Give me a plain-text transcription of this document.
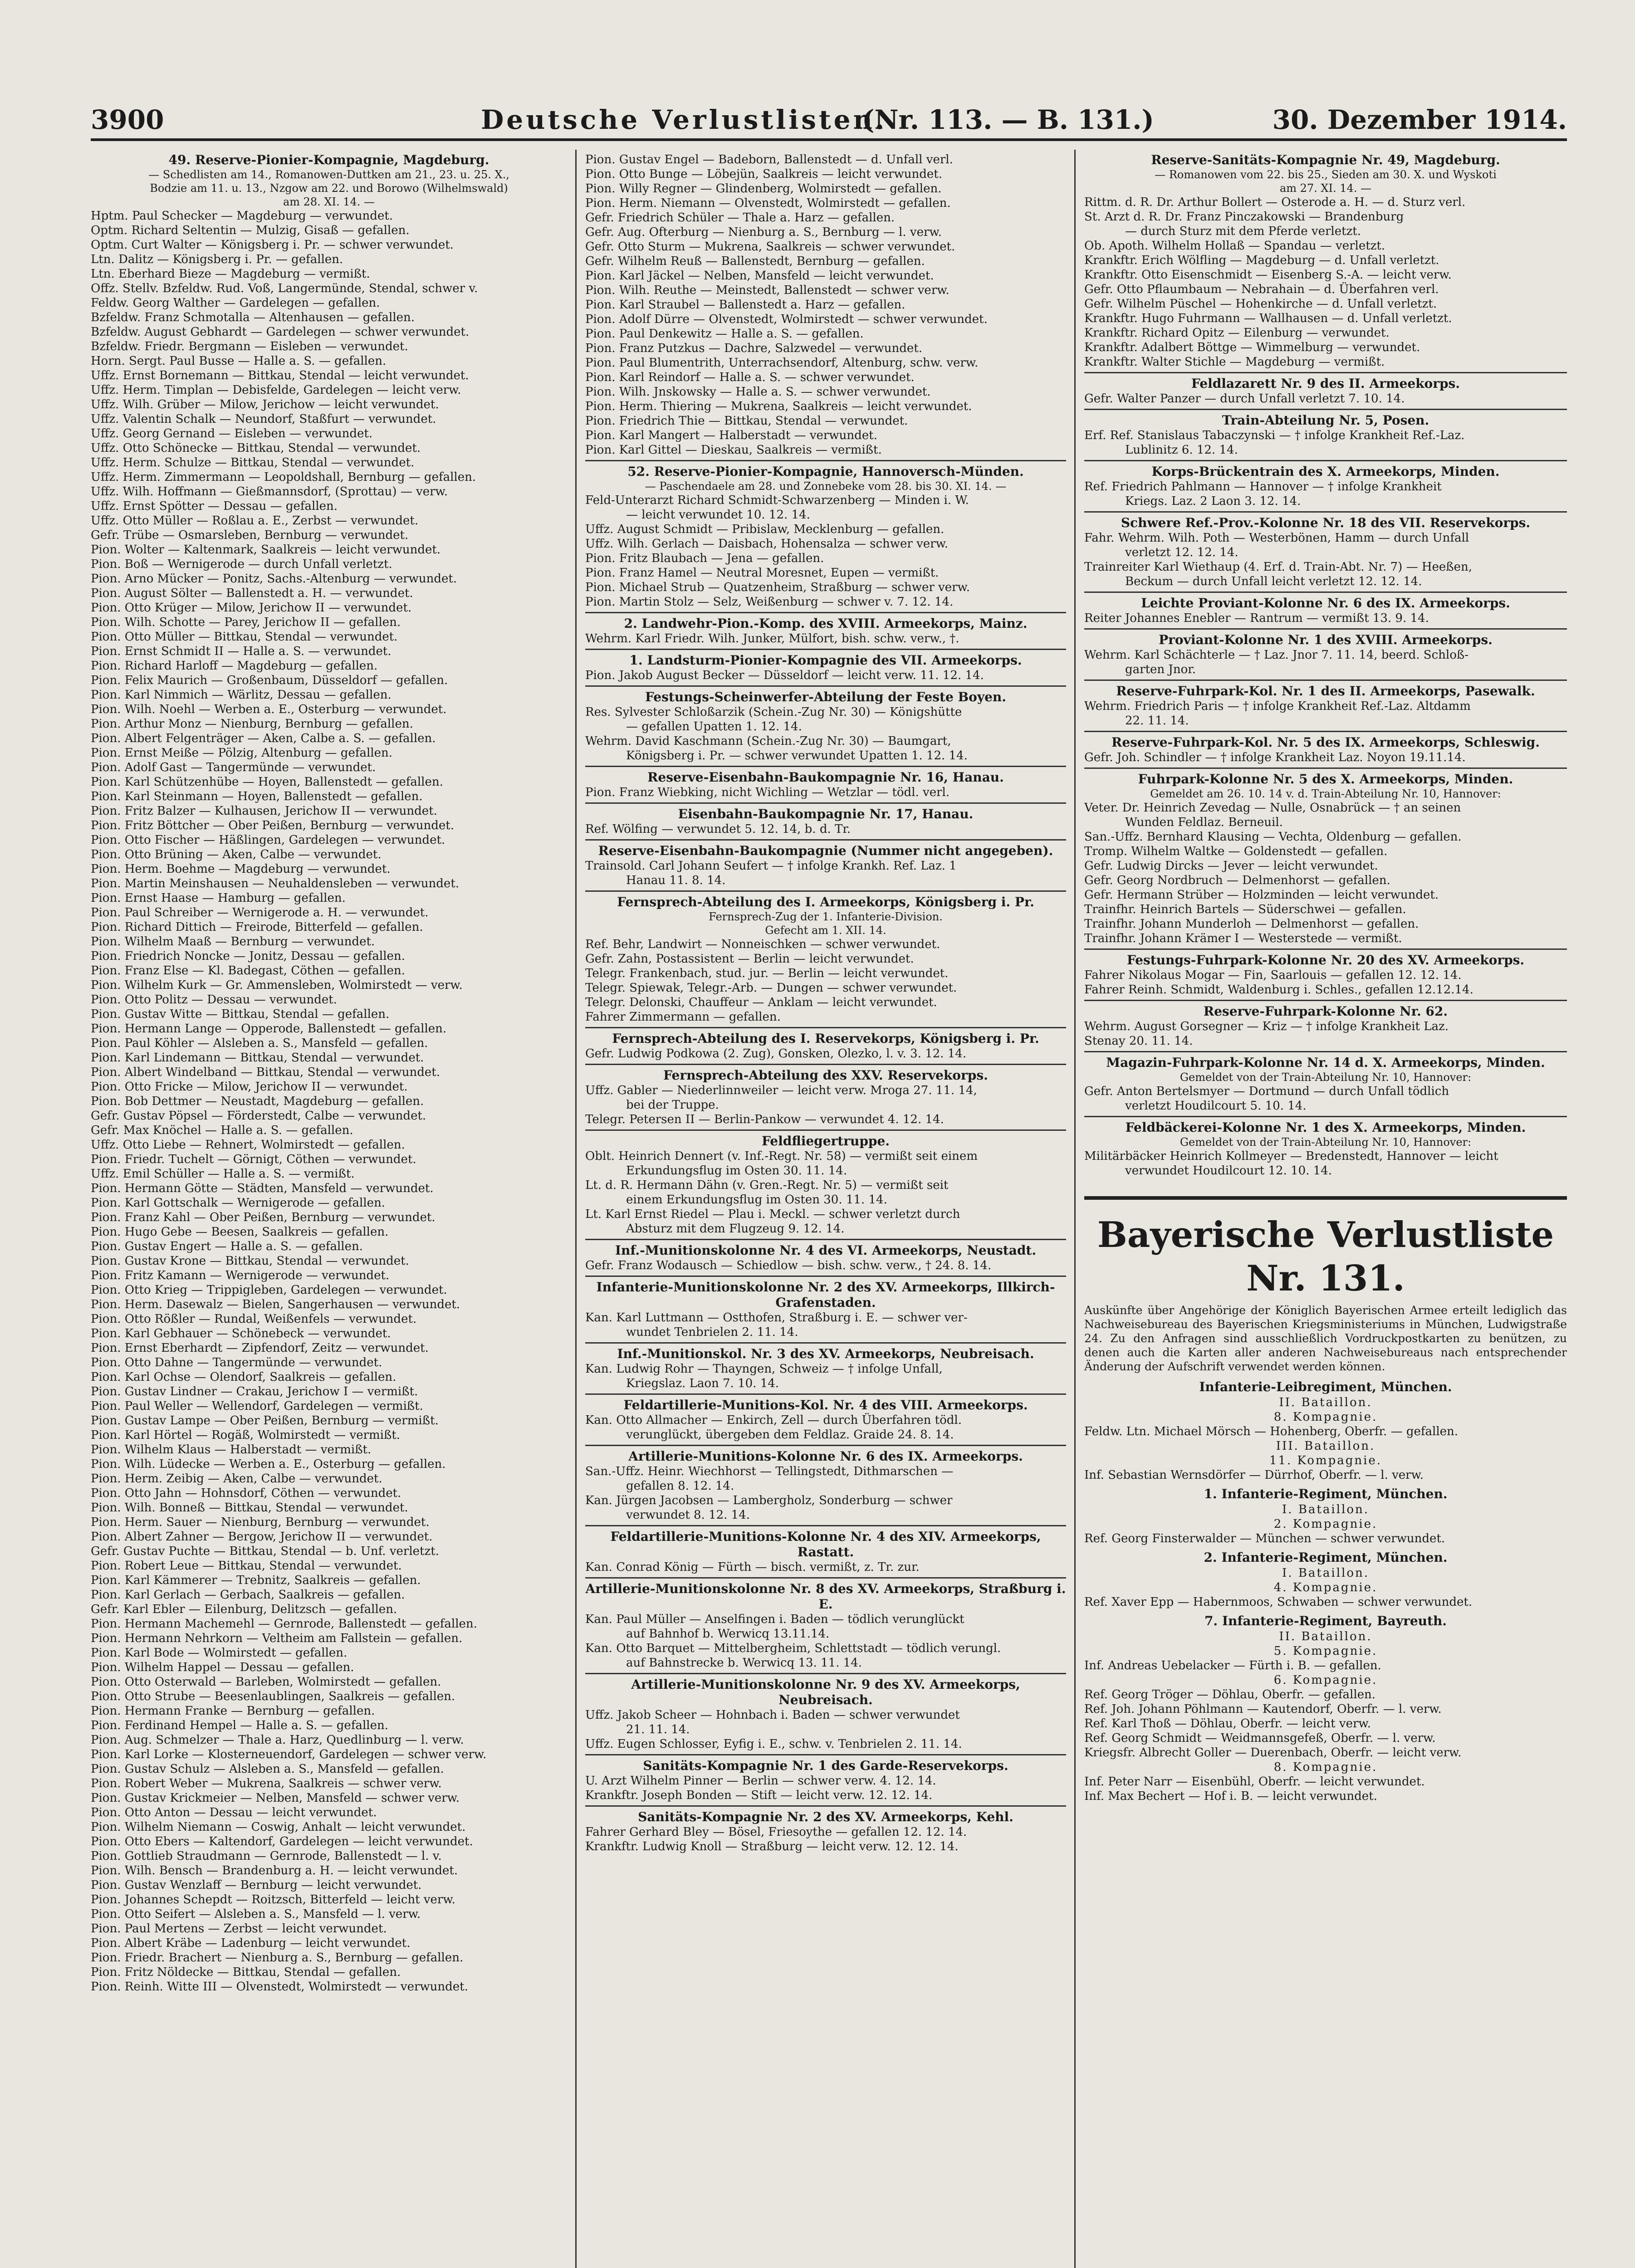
3900	Deutsche Verlustlisten.
(Nr. 113. — B. 131.)	30. Dezember 1914.
49. Reserve-Pionier-Kompagnie, Magdeburg.
— Schedlisten am 14., Romanowen-Duttken am 21., 23. u. 25. X.,
Bodzie am 11. u. 13., Nzgow am 22. und Borowo (Wilhelmswald)
am 28. XI. 14. —
Hptm. Paul Schecker — Magdeburg — verwundet.
Optm. Richard Seltentin — Mulzig, Gisaß — gefallen.
Optm. Curt Walter — Königsberg i. Pr. — schwer verwundet.
Ltn. Dalitz — Königsberg i. Pr. — gefallen.
Ltn. Eberhard Bieze — Magdeburg — vermißt.
Offz. Stellv. Bzfeldw. Rud. Voß, Langermünde, Stendal, schwer v.
Feldw. Georg Walther — Gardelegen — gefallen.
Bzfeldw. Franz Schmotalla — Altenhausen — gefallen.
Bzfeldw. August Gebhardt — Gardelegen — schwer verwundet.
Bzfeldw. Friedr. Bergmann — Eisleben — verwundet.
Horn. Sergt. Paul Busse — Halle a. S. — gefallen.
Uffz. Ernst Bornemann — Bittkau, Stendal — leicht verwundet.
Uffz. Herm. Timplan — Debisfelde, Gardelegen — leicht verw.
Uffz. Wilh. Grüber — Milow, Jerichow — leicht verwundet.
Uffz. Valentin Schalk — Neundorf, Staßfurt — verwundet.
Uffz. Georg Gernand — Eisleben — verwundet.
Uffz. Otto Schönecke — Bittkau, Stendal — verwundet.
Uffz. Herm. Schulze — Bittkau, Stendal — verwundet.
Uffz. Herm. Zimmermann — Leopoldshall, Bernburg — gefallen.
Uffz. Wilh. Hoffmann — Gießmannsdorf, (Sprottau) — verw.
Uffz. Ernst Spötter — Dessau — gefallen.
Uffz. Otto Müller — Roßlau a. E., Zerbst — verwundet.
Gefr. Trübe — Osmarsleben, Bernburg — verwundet.
Pion. Wolter — Kaltenmark, Saalkreis — leicht verwundet.
Pion. Boß — Wernigerode — durch Unfall verletzt.
Pion. Arno Mücker — Ponitz, Sachs.-Altenburg — verwundet.
Pion. August Sölter — Ballenstedt a. H. — verwundet.
Pion. Otto Krüger — Milow, Jerichow II — verwundet.
Pion. Wilh. Schotte — Parey, Jerichow II — gefallen.
Pion. Otto Müller — Bittkau, Stendal — verwundet.
Pion. Ernst Schmidt II — Halle a. S. — verwundet.
Pion. Richard Harloff — Magdeburg — gefallen.
Pion. Felix Maurich — Großenbaum, Düsseldorf — gefallen.
Pion. Karl Nimmich — Wärlitz, Dessau — gefallen.
Pion. Wilh. Noehl — Werben a. E., Osterburg — verwundet.
Pion. Arthur Monz — Nienburg, Bernburg — gefallen.
Pion. Albert Felgenträger — Aken, Calbe a. S. — gefallen.
Pion. Ernst Meiße — Pölzig, Altenburg — gefallen.
Pion. Adolf Gast — Tangermünde — verwundet.
Pion. Karl Schützenhübe — Hoyen, Ballenstedt — gefallen.
Pion. Karl Steinmann — Hoyen, Ballenstedt — gefallen.
Pion. Fritz Balzer — Kulhausen, Jerichow II — verwundet.
Pion. Fritz Böttcher — Ober Peißen, Bernburg — verwundet.
Pion. Otto Fischer — Häßlingen, Gardelegen — verwundet.
Pion. Otto Brüning — Aken, Calbe — verwundet.
Pion. Herm. Boehme — Magdeburg — verwundet.
Pion. Martin Meinshausen — Neuhaldensleben — verwundet.
Pion. Ernst Haase — Hamburg — gefallen.
Pion. Paul Schreiber — Wernigerode a. H. — verwundet.
Pion. Richard Dittich — Freirode, Bitterfeld — gefallen.
Pion. Wilhelm Maaß — Bernburg — verwundet.
Pion. Friedrich Noncke — Jonitz, Dessau — gefallen.
Pion. Franz Else — Kl. Badegast, Cöthen — gefallen.
Pion. Wilhelm Kurk — Gr. Ammensleben, Wolmirstedt — verw.
Pion. Otto Politz — Dessau — verwundet.
Pion. Gustav Witte — Bittkau, Stendal — gefallen.
Pion. Hermann Lange — Opperode, Ballenstedt — gefallen.
Pion. Paul Köhler — Alsleben a. S., Mansfeld — gefallen.
Pion. Karl Lindemann — Bittkau, Stendal — verwundet.
Pion. Albert Windelband — Bittkau, Stendal — verwundet.
Pion. Otto Fricke — Milow, Jerichow II — verwundet.
Pion. Bob Dettmer — Neustadt, Magdeburg — gefallen.
Gefr. Gustav Pöpsel — Förderstedt, Calbe — verwundet.
Gefr. Max Knöchel — Halle a. S. — gefallen.
Uffz. Otto Liebe — Rehnert, Wolmirstedt — gefallen.
Pion. Friedr. Tuchelt — Görnigt, Cöthen — verwundet.
Uffz. Emil Schüller — Halle a. S. — vermißt.
Pion. Hermann Götte — Städten, Mansfeld — verwundet.
Pion. Karl Gottschalk — Wernigerode — gefallen.
Pion. Franz Kahl — Ober Peißen, Bernburg — verwundet.
Pion. Hugo Gebe — Beesen, Saalkreis — gefallen.
Pion. Gustav Engert — Halle a. S. — gefallen.
Pion. Gustav Krone — Bittkau, Stendal — verwundet.
Pion. Fritz Kamann — Wernigerode — verwundet.
Pion. Otto Krieg — Trippigleben, Gardelegen — verwundet.
Pion. Herm. Dasewalz — Bielen, Sangerhausen — verwundet.
Pion. Otto Rößler — Rundal, Weißenfels — verwundet.
Pion. Karl Gebhauer — Schönebeck — verwundet.
Pion. Ernst Eberhardt — Zipfendorf, Zeitz — verwundet.
Pion. Otto Dahne — Tangermünde — verwundet.
Pion. Karl Ochse — Olendorf, Saalkreis — gefallen.
Pion. Gustav Lindner — Crakau, Jerichow I — vermißt.
Pion. Paul Weller — Wellendorf, Gardelegen — vermißt.
Pion. Gustav Lampe — Ober Peißen, Bernburg — vermißt.
Pion. Karl Hörtel — Rogäß, Wolmirstedt — vermißt.
Pion. Wilhelm Klaus — Halberstadt — vermißt.
Pion. Wilh. Lüdecke — Werben a. E., Osterburg — gefallen.
Pion. Herm. Zeibig — Aken, Calbe — verwundet.
Pion. Otto Jahn — Hohnsdorf, Cöthen — verwundet.
Pion. Wilh. Bonneß — Bittkau, Stendal — verwundet.
Pion. Herm. Sauer — Nienburg, Bernburg — verwundet.
Pion. Albert Zahner — Bergow, Jerichow II — verwundet.
Gefr. Gustav Puchte — Bittkau, Stendal — b. Unf. verletzt.
Pion. Robert Leue — Bittkau, Stendal — verwundet.
Pion. Karl Kämmerer — Trebnitz, Saalkreis — gefallen.
Pion. Karl Gerlach — Gerbach, Saalkreis — gefallen.
Gefr. Karl Ebler — Eilenburg, Delitzsch — gefallen.
Pion. Hermann Machemehl — Gernrode, Ballenstedt — gefallen.
Pion. Hermann Nehrkorn — Veltheim am Fallstein — gefallen.
Pion. Karl Bode — Wolmirstedt — gefallen.
Pion. Wilhelm Happel — Dessau — gefallen.
Pion. Otto Osterwald — Barleben, Wolmirstedt — gefallen.
Pion. Otto Strube — Beesenlaublingen, Saalkreis — gefallen.
Pion. Hermann Franke — Bernburg — gefallen.
Pion. Ferdinand Hempel — Halle a. S. — gefallen.
Pion. Aug. Schmelzer — Thale a. Harz, Quedlinburg — l. verw.
Pion. Karl Lorke — Klosterneuendorf, Gardelegen — schwer verw.
Pion. Gustav Schulz — Alsleben a. S., Mansfeld — gefallen.
Pion. Robert Weber — Mukrena, Saalkreis — schwer verw.
Pion. Gustav Krickmeier — Nelben, Mansfeld — schwer verw.
Pion. Otto Anton — Dessau — leicht verwundet.
Pion. Wilhelm Niemann — Coswig, Anhalt — leicht verwundet.
Pion. Otto Ebers — Kaltendorf, Gardelegen — leicht verwundet.
Pion. Gottlieb Straudmann — Gernrode, Ballenstedt — l. v.
Pion. Wilh. Bensch — Brandenburg a. H. — leicht verwundet.
Pion. Gustav Wenzlaff — Bernburg — leicht verwundet.
Pion. Johannes Schepdt — Roitzsch, Bitterfeld — leicht verw.
Pion. Otto Seifert — Alsleben a. S., Mansfeld — l. verw.
Pion. Paul Mertens — Zerbst — leicht verwundet.
Pion. Albert Kräbe — Ladenburg — leicht verwundet.
Pion. Friedr. Brachert — Nienburg a. S., Bernburg — gefallen.
Pion. Fritz Nöldecke — Bittkau, Stendal — gefallen.
Pion. Reinh. Witte III — Olvenstedt, Wolmirstedt — verwundet.
Pion. Gustav Engel — Badeborn, Ballenstedt — d. Unfall verl.
Pion. Otto Bunge — Löbejün, Saalkreis — leicht verwundet.
Pion. Willy Regner — Glindenberg, Wolmirstedt — gefallen.
Pion. Herm. Niemann — Olvenstedt, Wolmirstedt — gefallen.
Gefr. Friedrich Schüler — Thale a. Harz — gefallen.
Gefr. Aug. Ofterburg — Nienburg a. S., Bernburg — l. verw.
Gefr. Otto Sturm — Mukrena, Saalkreis — schwer verwundet.
Gefr. Wilhelm Reuß — Ballenstedt, Bernburg — gefallen.
Pion. Karl Jäckel — Nelben, Mansfeld — leicht verwundet.
Pion. Wilh. Reuthe — Meinstedt, Ballenstedt — schwer verw.
Pion. Karl Straubel — Ballenstedt a. Harz — gefallen.
Pion. Adolf Dürre — Olvenstedt, Wolmirstedt — schwer verwundet.
Pion. Paul Denkewitz — Halle a. S. — gefallen.
Pion. Franz Putzkus — Dachre, Salzwedel — verwundet.
Pion. Paul Blumentrith, Unterrachsendorf, Altenburg, schw. verw.
Pion. Karl Reindorf — Halle a. S. — schwer verwundet.
Pion. Wilh. Jnskowsky — Halle a. S. — schwer verwundet.
Pion. Herm. Thiering — Mukrena, Saalkreis — leicht verwundet.
Pion. Friedrich Thie — Bittkau, Stendal — verwundet.
Pion. Karl Mangert — Halberstadt — verwundet.
Pion. Karl Gittel — Dieskau, Saalkreis — vermißt.
52. Reserve-Pionier-Kompagnie, Hannoversch-Münden.
— Paschendaele am 28. und Zonnebeke vom 28. bis 30. XI. 14. —
Feld-Unterarzt Richard Schmidt-Schwarzenberg — Minden i. W.
— leicht verwundet 10. 12. 14.
Uffz. August Schmidt — Pribislaw, Mecklenburg — gefallen.
Uffz. Wilh. Gerlach — Daisbach, Hohensalza — schwer verw.
Pion. Fritz Blaubach — Jena — gefallen.
Pion. Franz Hamel — Neutral Moresnet, Eupen — vermißt.
Pion. Michael Strub — Quatzenheim, Straßburg — schwer verw.
Pion. Martin Stolz — Selz, Weißenburg — schwer v. 7. 12. 14.
2. Landwehr-Pion.-Komp. des XVIII. Armeekorps, Mainz.
Wehrm. Karl Friedr. Wilh. Junker, Mülfort, bish. schw. verw., †.
1. Landsturm-Pionier-Kompagnie des VII. Armeekorps.
Pion. Jakob August Becker — Düsseldorf — leicht verw. 11. 12. 14.
Festungs-Scheinwerfer-Abteilung der Feste Boyen.
Res. Sylvester Schloßarzik (Schein.-Zug Nr. 30) — Königshütte
— gefallen Upatten 1. 12. 14.
Wehrm. David Kaschmann (Schein.-Zug Nr. 30) — Baumgart,
Königsberg i. Pr. — schwer verwundet Upatten 1. 12. 14.
Reserve-Eisenbahn-Baukompagnie Nr. 16, Hanau.
Pion. Franz Wiebking, nicht Wichling — Wetzlar — tödl. verl.
Eisenbahn-Baukompagnie Nr. 17, Hanau.
Ref. Wölfing — verwundet 5. 12. 14, b. d. Tr.
Reserve-Eisenbahn-Baukompagnie (Nummer nicht angegeben).
Trainsold. Carl Johann Seufert — † infolge Krankh. Ref. Laz. 1
Hanau 11. 8. 14.
Fernsprech-Abteilung des I. Armeekorps, Königsberg i. Pr.
Fernsprech-Zug der 1. Infanterie-Division.
Gefecht am 1. XII. 14.
Ref. Behr, Landwirt — Nonneischken — schwer verwundet.
Gefr. Zahn, Postassistent — Berlin — leicht verwundet.
Telegr. Frankenbach, stud. jur. — Berlin — leicht verwundet.
Telegr. Spiewak, Telegr.-Arb. — Dungen — schwer verwundet.
Telegr. Delonski, Chauffeur — Anklam — leicht verwundet.
Fahrer Zimmermann — gefallen.
Fernsprech-Abteilung des I. Reservekorps, Königsberg i. Pr.
Gefr. Ludwig Podkowa (2. Zug), Gonsken, Olezko, l. v. 3. 12. 14.
Fernsprech-Abteilung des XXV. Reservekorps.
Uffz. Gabler — Niederlinnweiler — leicht verw. Mroga 27. 11. 14,
bei der Truppe.
Telegr. Petersen II — Berlin-Pankow — verwundet 4. 12. 14.
Feldfliegertruppe.
Oblt. Heinrich Dennert (v. Inf.-Regt. Nr. 58) — vermißt seit einem
Erkundungsflug im Osten 30. 11. 14.
Lt. d. R. Hermann Dähn (v. Gren.-Regt. Nr. 5) — vermißt seit
einem Erkundungsflug im Osten 30. 11. 14.
Lt. Karl Ernst Riedel — Plau i. Meckl. — schwer verletzt durch
Absturz mit dem Flugzeug 9. 12. 14.
Inf.-Munitionskolonne Nr. 4 des VI. Armeekorps, Neustadt.
Gefr. Franz Wodausch — Schiedlow — bish. schw. verw., † 24. 8. 14.
Infanterie-Munitionskolonne Nr. 2 des XV. Armeekorps, Illkirch-Grafenstaden.
Kan. Karl Luttmann — Ostthofen, Straßburg i. E. — schwer ver-
wundet Tenbrielen 2. 11. 14.
Inf.-Munitionskol. Nr. 3 des XV. Armeekorps, Neubreisach.
Kan. Ludwig Rohr — Thayngen, Schweiz — † infolge Unfall,
Kriegslaz. Laon 7. 10. 14.
Feldartillerie-Munitions-Kol. Nr. 4 des VIII. Armeekorps.
Kan. Otto Allmacher — Enkirch, Zell — durch Überfahren tödl.
verunglückt, übergeben dem Feldlaz. Graide 24. 8. 14.
Artillerie-Munitions-Kolonne Nr. 6 des IX. Armeekorps.
San.-Uffz. Heinr. Wiechhorst — Tellingstedt, Dithmarschen —
gefallen 8. 12. 14.
Kan. Jürgen Jacobsen — Lambergholz, Sonderburg — schwer
verwundet 8. 12. 14.
Feldartillerie-Munitions-Kolonne Nr. 4 des XIV. Armeekorps, Rastatt.
Kan. Conrad König — Fürth — bisch. vermißt, z. Tr. zur.
Artillerie-Munitionskolonne Nr. 8 des XV. Armeekorps, Straßburg i. E.
Kan. Paul Müller — Anselfingen i. Baden — tödlich verunglückt
auf Bahnhof b. Werwicq 13.11.14.
Kan. Otto Barquet — Mittelbergheim, Schlettstadt — tödlich verungl.
auf Bahnstrecke b. Werwicq 13. 11. 14.
Artillerie-Munitionskolonne Nr. 9 des XV. Armeekorps, Neubreisach.
Uffz. Jakob Scheer — Hohnbach i. Baden — schwer verwundet
21. 11. 14.
Uffz. Eugen Schlosser, Eyfig i. E., schw. v. Tenbrielen 2. 11. 14.
Sanitäts-Kompagnie Nr. 1 des Garde-Reservekorps.
U. Arzt Wilhelm Pinner — Berlin — schwer verw. 4. 12. 14.
Krankftr. Joseph Bonden — Stift — leicht verw. 12. 12. 14.
Sanitäts-Kompagnie Nr. 2 des XV. Armeekorps, Kehl.
Fahrer Gerhard Bley — Bösel, Friesoythe — gefallen 12. 12. 14.
Krankftr. Ludwig Knoll — Straßburg — leicht verw. 12. 12. 14.
Reserve-Sanitäts-Kompagnie Nr. 49, Magdeburg.
— Romanowen vom 22. bis 25., Sieden am 30. X. und Wyskoti
am 27. XI. 14. —
Rittm. d. R. Dr. Arthur Bollert — Osterode a. H. — d. Sturz verl.
St. Arzt d. R. Dr. Franz Pinczakowski — Brandenburg
— durch Sturz mit dem Pferde verletzt.
Ob. Apoth. Wilhelm Hollaß — Spandau — verletzt.
Krankftr. Erich Wölfling — Magdeburg — d. Unfall verletzt.
Krankftr. Otto Eisenschmidt — Eisenberg S.-A. — leicht verw.
Gefr. Otto Pflaumbaum — Nebrahain — d. Überfahren verl.
Gefr. Wilhelm Püschel — Hohenkirche — d. Unfall verletzt.
Krankftr. Hugo Fuhrmann — Wallhausen — d. Unfall verletzt.
Krankftr. Richard Opitz — Eilenburg — verwundet.
Krankftr. Adalbert Böttge — Wimmelburg — verwundet.
Krankftr. Walter Stichle — Magdeburg — vermißt.
Feldlazarett Nr. 9 des II. Armeekorps.
Gefr. Walter Panzer — durch Unfall verletzt 7. 10. 14.
Train-Abteilung Nr. 5, Posen.
Erf. Ref. Stanislaus Tabaczynski — † infolge Krankheit Ref.-Laz.
Lublinitz 6. 12. 14.
Korps-Brückentrain des X. Armeekorps, Minden.
Ref. Friedrich Pahlmann — Hannover — † infolge Krankheit
Kriegs. Laz. 2 Laon 3. 12. 14.
Schwere Ref.-Prov.-Kolonne Nr. 18 des VII. Reservekorps.
Fahr. Wehrm. Wilh. Poth — Westerbönen, Hamm — durch Unfall
verletzt 12. 12. 14.
Trainreiter Karl Wiethaup (4. Erf. d. Train-Abt. Nr. 7) — Heeßen,
Beckum — durch Unfall leicht verletzt 12. 12. 14.
Leichte Proviant-Kolonne Nr. 6 des IX. Armeekorps.
Reiter Johannes Enebler — Rantrum — vermißt 13. 9. 14.
Proviant-Kolonne Nr. 1 des XVIII. Armeekorps.
Wehrm. Karl Schächterle — † Laz. Jnor 7. 11. 14, beerd. Schloß-
garten Jnor.
Reserve-Fuhrpark-Kol. Nr. 1 des II. Armeekorps, Pasewalk.
Wehrm. Friedrich Paris — † infolge Krankheit Ref.-Laz. Altdamm
22. 11. 14.
Reserve-Fuhrpark-Kol. Nr. 5 des IX. Armeekorps, Schleswig.
Gefr. Joh. Schindler — † infolge Krankheit Laz. Noyon 19.11.14.
Fuhrpark-Kolonne Nr. 5 des X. Armeekorps, Minden.
Gemeldet am 26. 10. 14 v. d. Train-Abteilung Nr. 10, Hannover:
Veter. Dr. Heinrich Zevedag — Nulle, Osnabrück — † an seinen
Wunden Feldlaz. Berneuil.
San.-Uffz. Bernhard Klausing — Vechta, Oldenburg — gefallen.
Tromp. Wilhelm Waltke — Goldenstedt — gefallen.
Gefr. Ludwig Dircks — Jever — leicht verwundet.
Gefr. Georg Nordbruch — Delmenhorst — gefallen.
Gefr. Hermann Strüber — Holzminden — leicht verwundet.
Trainfhr. Heinrich Bartels — Süderschwei — gefallen.
Trainfhr. Johann Munderloh — Delmenhorst — gefallen.
Trainfhr. Johann Krämer I — Westerstede — vermißt.
Festungs-Fuhrpark-Kolonne Nr. 20 des XV. Armeekorps.
Fahrer Nikolaus Mogar — Fin, Saarlouis — gefallen 12. 12. 14.
Fahrer Reinh. Schmidt, Waldenburg i. Schles., gefallen 12.12.14.
Reserve-Fuhrpark-Kolonne Nr. 62.
Wehrm. August Gorsegner — Kriz — † infolge Krankheit Laz.
Stenay 20. 11. 14.
Magazin-Fuhrpark-Kolonne Nr. 14 d. X. Armeekorps, Minden.
Gemeldet von der Train-Abteilung Nr. 10, Hannover:
Gefr. Anton Bertelsmyer — Dortmund — durch Unfall tödlich
verletzt Houdilcourt 5. 10. 14.
Feldbäckerei-Kolonne Nr. 1 des X. Armeekorps, Minden.
Gemeldet von der Train-Abteilung Nr. 10, Hannover:
Militärbäcker Heinrich Kollmeyer — Bredenstedt, Hannover — leicht
verwundet Houdilcourt 12. 10. 14.
Bayerische Verlustliste Nr. 131.
Auskünfte über Angehörige der Königlich Bayerischen Armee erteilt lediglich das Nachweisebureau des Bayerischen Kriegsministeriums in München, Ludwigstraße 24. Zu den Anfragen sind ausschließlich Vordruckpostkarten zu benützen, zu denen auch die Karten aller anderen Nachweisebureaus nach entsprechender Änderung der Aufschrift verwendet werden können.
Infanterie-Leibregiment, München.
II. Bataillon.
8. Kompagnie.
Feldw. Ltn. Michael Mörsch — Hohenberg, Oberfr. — gefallen.
III. Bataillon.
11. Kompagnie.
Inf. Sebastian Wernsdörfer — Dürrhof, Oberfr. — l. verw.
1. Infanterie-Regiment, München.
I. Bataillon.
2. Kompagnie.
Ref. Georg Finsterwalder — München — schwer verwundet.
2. Infanterie-Regiment, München.
I. Bataillon.
4. Kompagnie.
Ref. Xaver Epp — Habernmoos, Schwaben — schwer verwundet.
7. Infanterie-Regiment, Bayreuth.
II. Bataillon.
5. Kompagnie.
Inf. Andreas Uebelacker — Fürth i. B. — gefallen.
6. Kompagnie.
Ref. Georg Tröger — Döhlau, Oberfr. — gefallen.
Ref. Joh. Johann Pöhlmann — Kautendorf, Oberfr. — l. verw.
Ref. Karl Thoß — Döhlau, Oberfr. — leicht verw.
Ref. Georg Schmidt — Weidmannsgefeß, Oberfr. — l. verw.
Kriegsfr. Albrecht Goller — Duerenbach, Oberfr. — leicht verw.
8. Kompagnie.
Inf. Peter Narr — Eisenbühl, Oberfr. — leicht verwundet.
Inf. Max Bechert — Hof i. B. — leicht verwundet.
